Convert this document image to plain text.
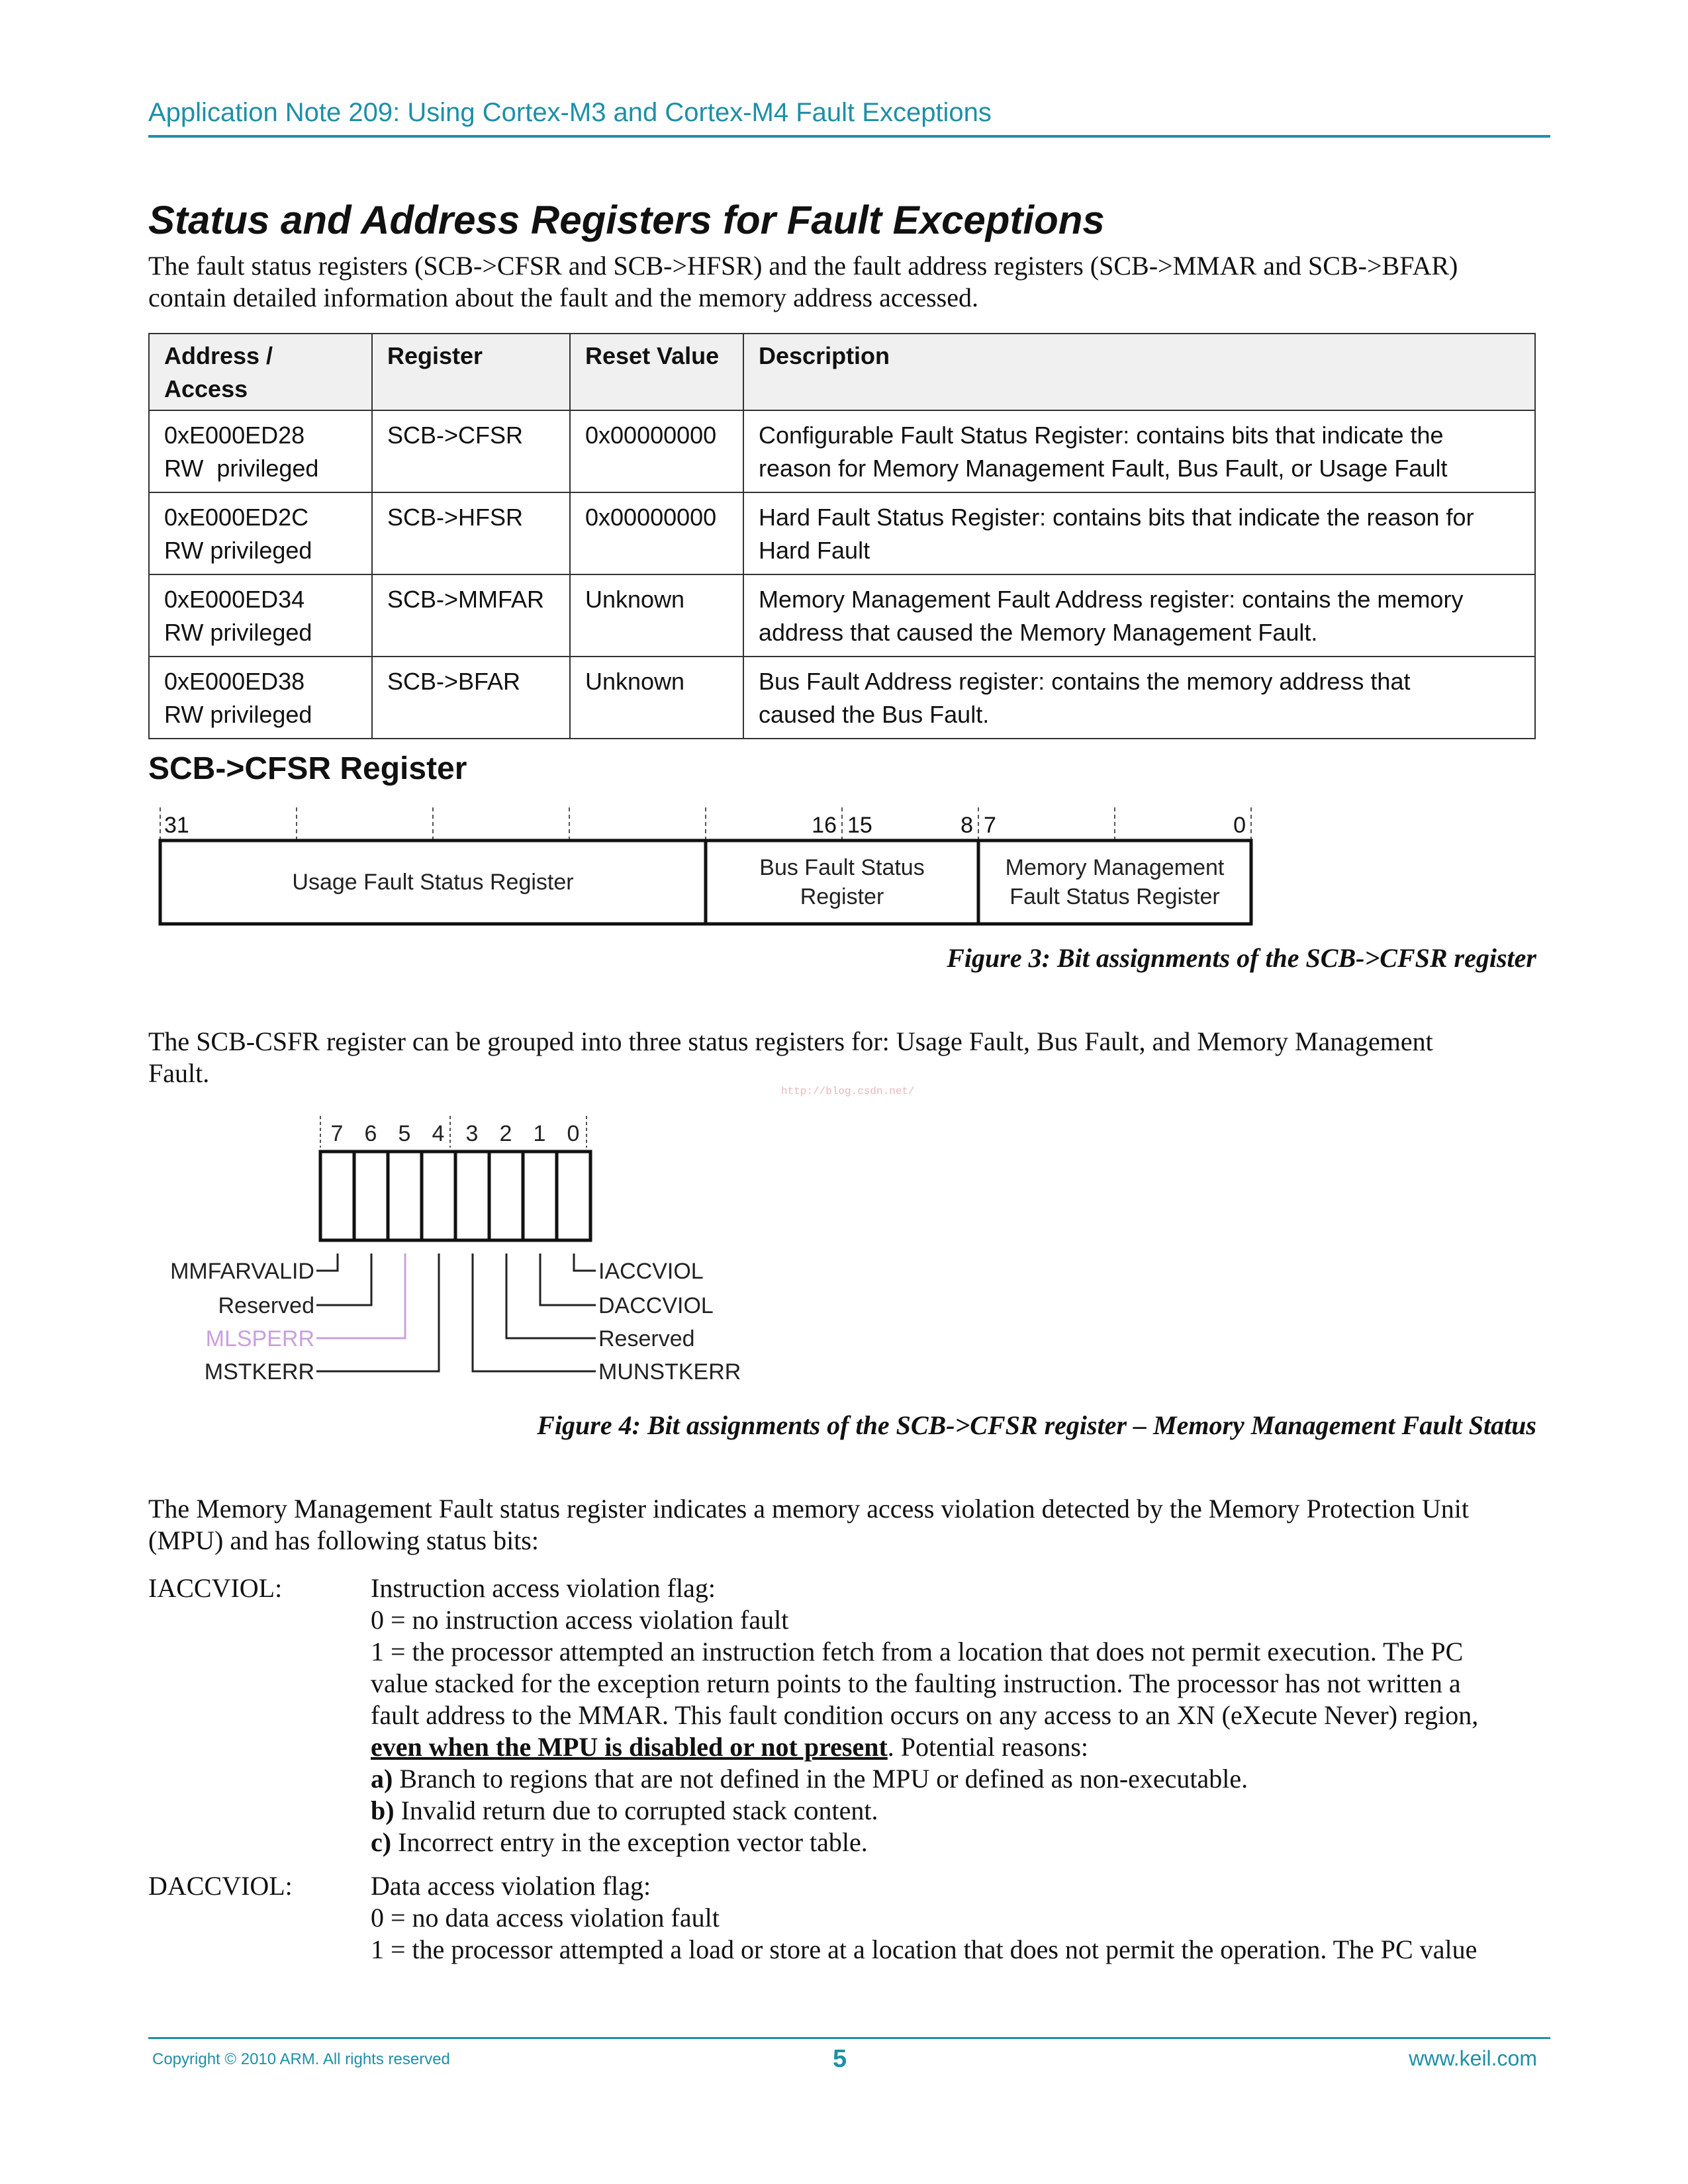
Application Note 209: Using Cortex-M3 and Cortex-M4 Fault Exceptions
Status and Address Registers for Fault Exceptions
The fault status registers (SCB->CFSR and SCB->HFSR) and the fault address registers (SCB->MMAR and SCB->BFAR)
contain detailed information about the fault and the memory address accessed.
Address / Access	Register	Reset Value	Description

0xE000ED28
RW  privileged	SCB->CFSR	0x00000000	Configurable Fault Status Register: contains bits that indicate the
reason for Memory Management Fault, Bus Fault, or Usage Fault

0xE000ED2C
RW privileged	SCB->HFSR	0x00000000	Hard Fault Status Register: contains bits that indicate the reason for
Hard Fault

0xE000ED34
RW privileged	SCB->MMFAR	Unknown	Memory Management Fault Address register: contains the memory
address that caused the Memory Management Fault.

0xE000ED38
RW privileged	SCB->BFAR	Unknown	Bus Fault Address register: contains the memory address that
caused the Bus Fault.
SCB->CFSR Register
31	16 15	8 7	0
Usage Fault Status Register
Bus Fault Status
Register
Memory Management
Fault Status Register
Figure 3: Bit assignments of the SCB->CFSR register
The SCB-CSFR register can be grouped into three status registers for: Usage Fault, Bus Fault, and Memory Management
Fault.
http://blog.csdn.net/
7 6 5 4 3 2 1 0
MMFARVALID
Reserved
MLSPERR
MSTKERR
IACCVIOL
DACCVIOL
Reserved
MUNSTKERR
Figure 4: Bit assignments of the SCB->CFSR register – Memory Management Fault Status
The Memory Management Fault status register indicates a memory access violation detected by the Memory Protection Unit
(MPU) and has following status bits:
IACCVIOL:	Instruction access violation flag:
0 = no instruction access violation fault
1 = the processor attempted an instruction fetch from a location that does not permit execution. The PC
value stacked for the exception return points to the faulting instruction. The processor has not written a
fault address to the MMAR. This fault condition occurs on any access to an XN (eXecute Never) region,
even when the MPU is disabled or not present. Potential reasons:
a) Branch to regions that are not defined in the MPU or defined as non-executable.
b) Invalid return due to corrupted stack content.
c) Incorrect entry in the exception vector table.
DACCVIOL:	Data access violation flag:
0 = no data access violation fault
1 = the processor attempted a load or store at a location that does not permit the operation. The PC value
Copyright © 2010 ARM. All rights reserved	5	www.keil.com
